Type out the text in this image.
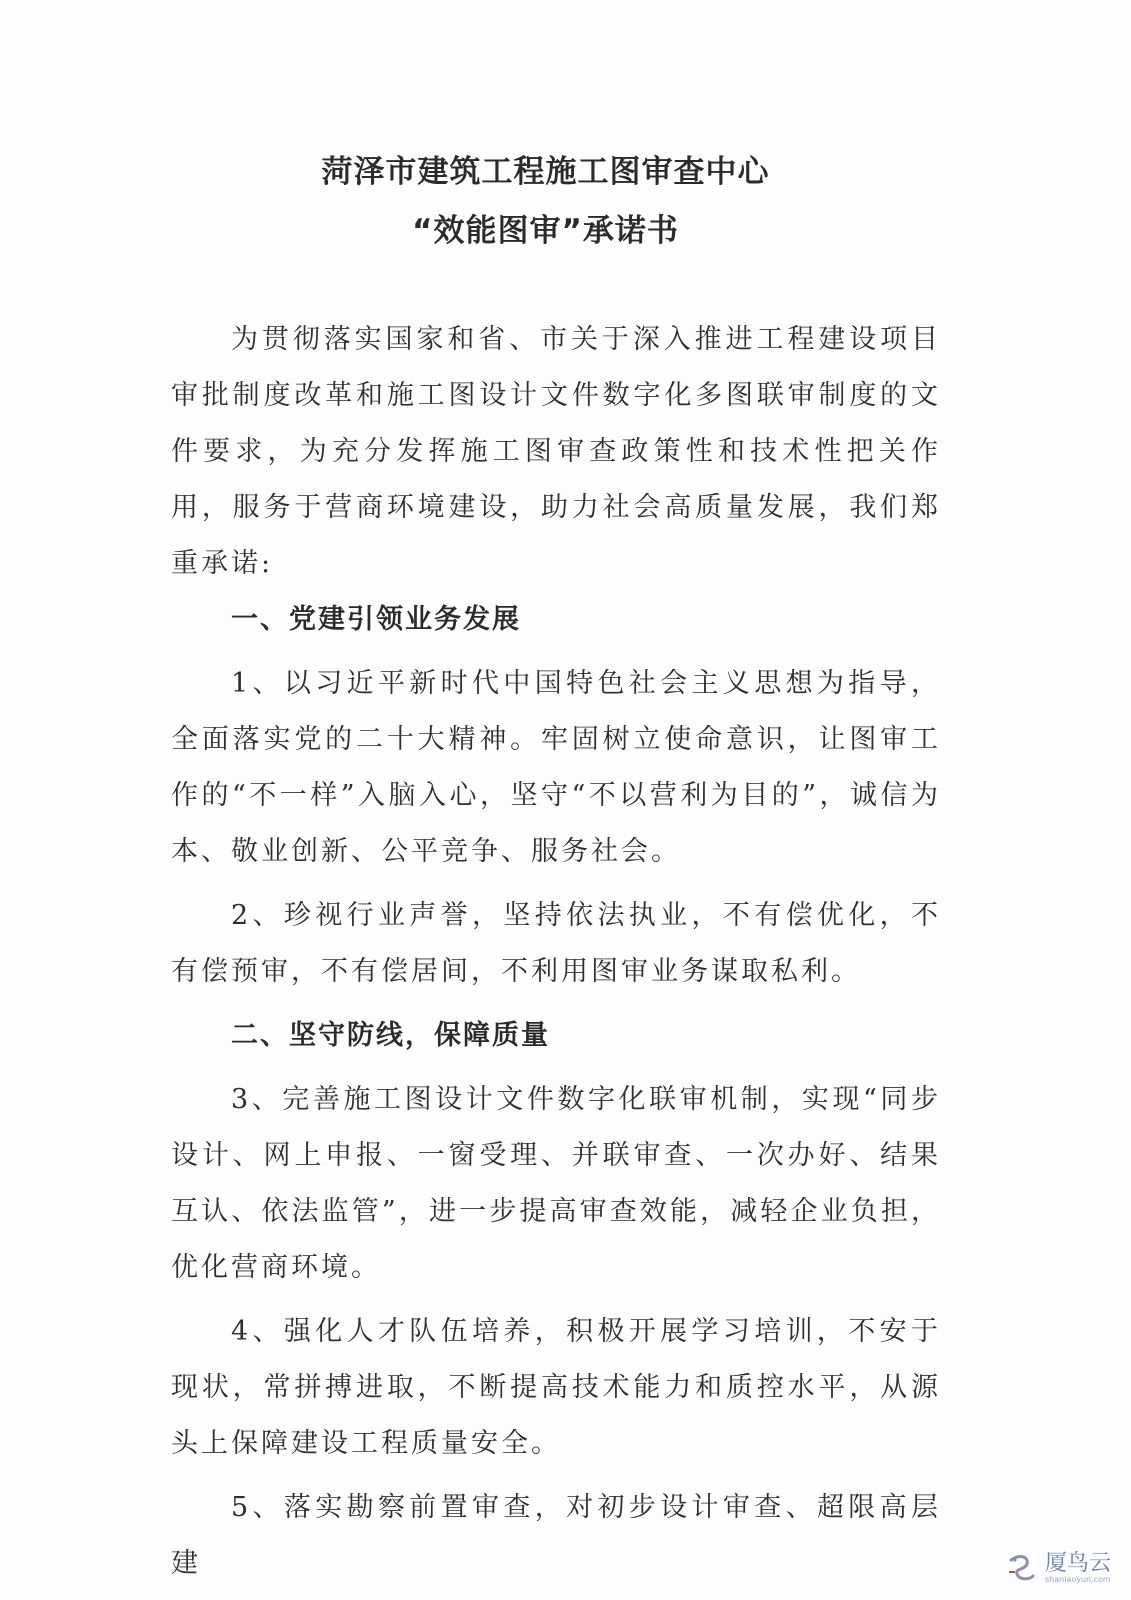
菏泽市建筑工程施工图审查中心
“效能图审”承诺书

为贯彻落实国家和省、市关于深入推进工程建设项目审批制度改革和施工图设计文件数字化多图联审制度的文件要求，为充分发挥施工图审查政策性和技术性把关作用，服务于营商环境建设，助力社会高质量发展，我们郑重承诺:

一、党建引领业务发展

1、以习近平新时代中国特色社会主义思想为指导，全面落实党的二十大精神。牢固树立使命意识，让图审工作的“不一样”入脑入心，坚守“不以营利为目的”，诚信为本、敬业创新、公平竞争、服务社会。

2、珍视行业声誉，坚持依法执业，不有偿优化，不有偿预审，不有偿居间，不利用图审业务谋取私利。

二、坚守防线，保障质量

3、完善施工图设计文件数字化联审机制，实现“同步设计、网上申报、一窗受理、并联审查、一次办好、结果互认、依法监管”，进一步提高审查效能，减轻企业负担，优化营商环境。

4、强化人才队伍培养，积极开展学习培训，不安于现状，常拼搏进取，不断提高技术能力和质控水平，从源头上保障建设工程质量安全。

5、落实勘察前置审查，对初步设计审查、超限高层建	厦鸟云
shaniaoyun.com
